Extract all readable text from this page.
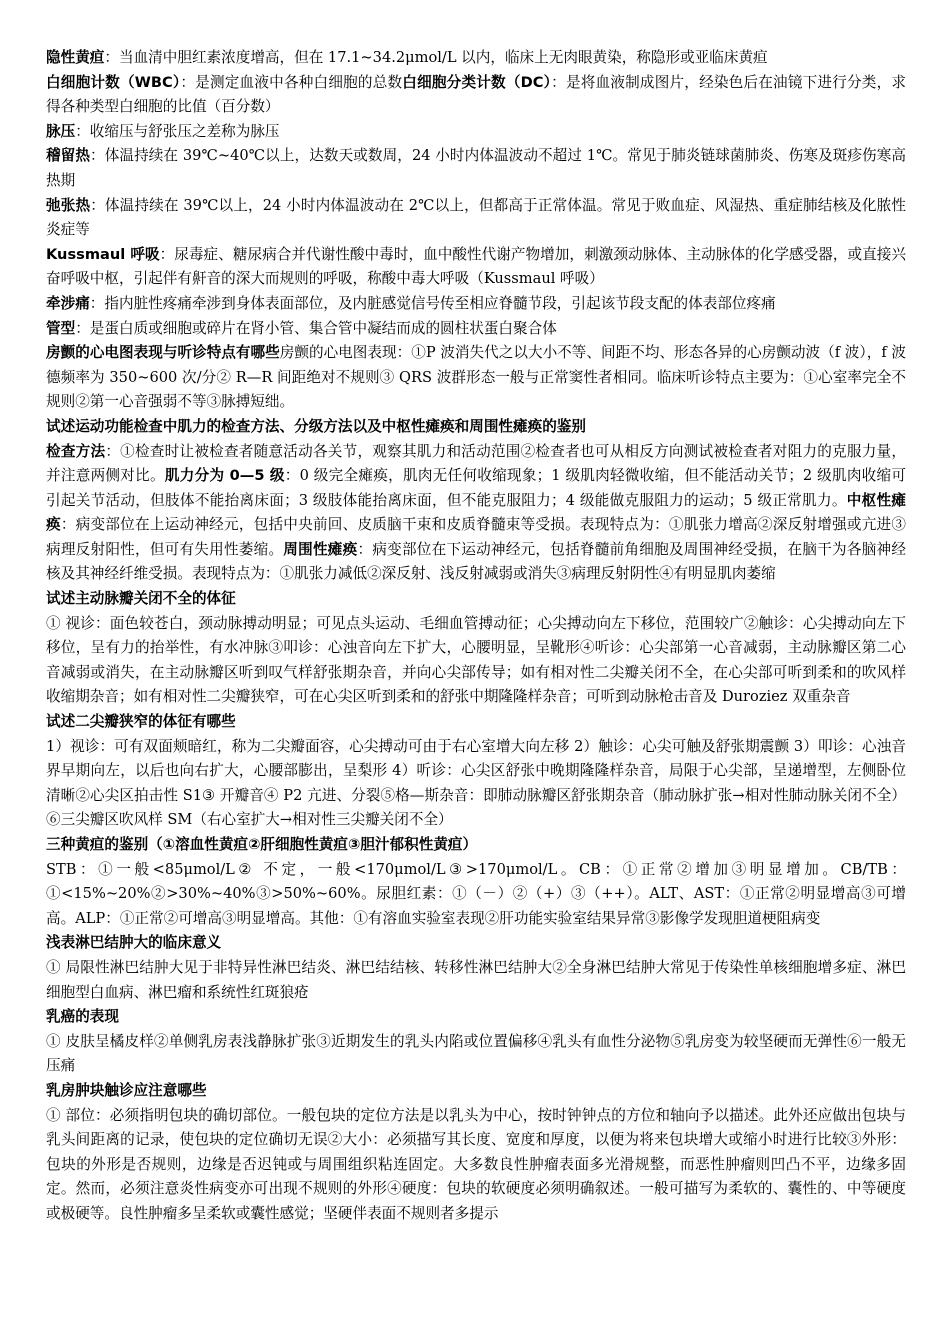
隐性黄疸：当血清中胆红素浓度增高，但在 17.1~34.2μmol/L 以内，临床上无肉眼黄染，称隐形或亚临床黄疸

白细胞计数（WBC）：是测定血液中各种白细胞的总数白细胞分类计数（DC）：是将血液制成图片，经染色后在油镜下进行分类，求得各种类型白细胞的比值（百分数）

脉压：收缩压与舒张压之差称为脉压

稽留热：体温持续在 39℃~40℃以上，达数天或数周，24 小时内体温波动不超过 1℃。常见于肺炎链球菌肺炎、伤寒及斑疹伤寒高热期

弛张热：体温持续在 39℃以上，24 小时内体温波动在 2℃以上，但都高于正常体温。常见于败血症、风湿热、重症肺结核及化脓性炎症等

Kussmaul 呼吸：尿毒症、糖尿病合并代谢性酸中毒时，血中酸性代谢产物增加，刺激颈动脉体、主动脉体的化学感受器，或直接兴奋呼吸中枢，引起伴有鼾音的深大而规则的呼吸，称酸中毒大呼吸（Kussmaul 呼吸）

牵涉痛：指内脏性疼痛牵涉到身体表面部位，及内脏感觉信号传至相应脊髓节段，引起该节段支配的体表部位疼痛

管型：是蛋白质或细胞或碎片在肾小管、集合管中凝结而成的圆柱状蛋白聚合体

房颤的心电图表现与听诊特点有哪些房颤的心电图表现：①P 波消失代之以大小不等、间距不均、形态各异的心房颤动波（f 波），f 波德频率为 350~600 次/分② R—R 间距绝对不规则③ QRS 波群形态一般与正常窦性者相同。临床听诊特点主要为：①心室率完全不规则②第一心音强弱不等③脉搏短绌。

试述运动功能检查中肌力的检查方法、分级方法以及中枢性瘫痪和周围性瘫痪的鉴别

检查方法：①检查时让被检查者随意活动各关节，观察其肌力和活动范围②检查者也可从相反方向测试被检查者对阻力的克服力量，并注意两侧对比。肌力分为 0—5 级：0 级完全瘫痪，肌肉无任何收缩现象；1 级肌肉轻微收缩，但不能活动关节；2 级肌肉收缩可引起关节活动，但肢体不能抬离床面；3 级肢体能抬离床面，但不能克服阻力；4 级能做克服阻力的运动；5 级正常肌力。中枢性瘫痪：病变部位在上运动神经元，包括中央前回、皮质脑干束和皮质脊髓束等受损。表现特点为：①肌张力增高②深反射增强或亢进③病理反射阳性，但可有失用性萎缩。周围性瘫痪：病变部位在下运动神经元，包括脊髓前角细胞及周围神经受损，在脑干为各脑神经核及其神经纤维受损。表现特点为：①肌张力减低②深反射、浅反射减弱或消失③病理反射阴性④有明显肌肉萎缩

试述主动脉瓣关闭不全的体征

① 视诊：面色较苍白，颈动脉搏动明显；可见点头运动、毛细血管搏动征；心尖搏动向左下移位，范围较广②触诊：心尖搏动向左下移位，呈有力的抬举性，有水冲脉③叩诊：心浊音向左下扩大，心腰明显，呈靴形④听诊：心尖部第一心音减弱，主动脉瓣区第二心音减弱或消失，在主动脉瓣区听到叹气样舒张期杂音，并向心尖部传导；如有相对性二尖瓣关闭不全，在心尖部可听到柔和的吹风样收缩期杂音；如有相对性二尖瓣狭窄，可在心尖区听到柔和的舒张中期隆隆样杂音；可听到动脉枪击音及 Duroziez 双重杂音

试述二尖瓣狭窄的体征有哪些

1）视诊：可有双面颊暗红，称为二尖瓣面容，心尖搏动可由于右心室增大向左移 2）触诊：心尖可触及舒张期震颤 3）叩诊：心浊音界早期向左，以后也向右扩大，心腰部膨出，呈梨形 4）听诊：心尖区舒张中晚期隆隆样杂音，局限于心尖部，呈递增型，左侧卧位清晰②心尖区拍击性 S1③ 开瓣音④ P2 亢进、分裂⑤格—斯杂音：即肺动脉瓣区舒张期杂音（肺动脉扩张→相对性肺动脉关闭不全）⑥三尖瓣区吹风样 SM（右心室扩大→相对性三尖瓣关闭不全）

三种黄疸的鉴别（①溶血性黄疸②肝细胞性黄疸③胆汁郁积性黄疸）

STB：①一般<85μmol/L② 不定，一般<170μmol/L③>170μmol/L。CB：①正常②增加③明显增加。CB/TB：①<15%~20%②>30%~40%③>50%~60%。尿胆红素：①（－）②（+）③（++）。ALT、AST：①正常②明显增高③可增高。ALP：①正常②可增高③明显增高。其他：①有溶血实验室表现②肝功能实验室结果异常③影像学发现胆道梗阻病变

浅表淋巴结肿大的临床意义

① 局限性淋巴结肿大见于非特异性淋巴结炎、淋巴结结核、转移性淋巴结肿大②全身淋巴结肿大常见于传染性单核细胞增多症、淋巴细胞型白血病、淋巴瘤和系统性红斑狼疮

乳癌的表现

① 皮肤呈橘皮样②单侧乳房表浅静脉扩张③近期发生的乳头内陷或位置偏移④乳头有血性分泌物⑤乳房变为较坚硬而无弹性⑥一般无压痛

乳房肿块触诊应注意哪些

① 部位：必须指明包块的确切部位。一般包块的定位方法是以乳头为中心，按时钟钟点的方位和轴向予以描述。此外还应做出包块与乳头间距离的记录，使包块的定位确切无误②大小：必须描写其长度、宽度和厚度，以便为将来包块增大或缩小时进行比较③外形：包块的外形是否规则，边缘是否迟钝或与周围组织粘连固定。大多数良性肿瘤表面多光滑规整，而恶性肿瘤则凹凸不平，边缘多固定。然而，必须注意炎性病变亦可出现不规则的外形④硬度：包块的软硬度必须明确叙述。一般可描写为柔软的、囊性的、中等硬度或极硬等。良性肿瘤多呈柔软或囊性感觉；坚硬伴表面不规则者多提示
